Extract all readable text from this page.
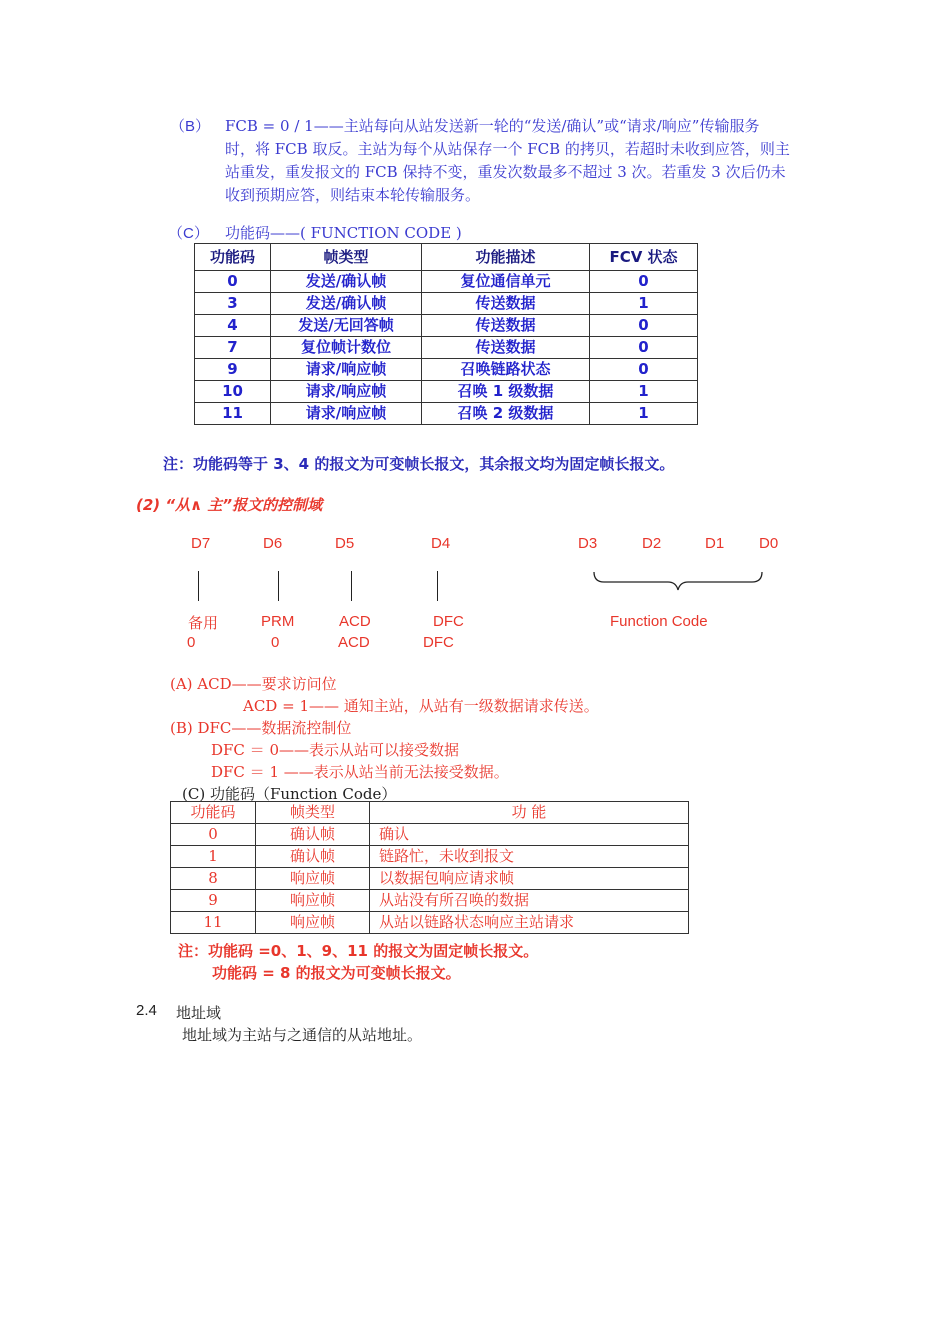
（B） FCB = 0 / 1——主站每向从站发送新一轮的“发送/确认”或“请求/响应”传输服务
时，将 FCB 取反。主站为每个从站保存一个 FCB 的拷贝，若超时未收到应答，则主
站重发，重发报文的 FCB 保持不变，重发次数最多不超过 3 次。若重发 3 次后仍未
收到预期应答，则结束本轮传输服务。
（C） 功能码——( FUNCTION CODE )
功能码	帧类型	功能描述	FCV 状态
0	发送/确认帧	复位通信单元	0
3	发送/确认帧	传送数据	1
4	发送/无回答帧	传送数据	0
7	复位帧计数位	传送数据	0
9	请求/响应帧	召唤链路状态	0
10	请求/响应帧	召唤 1 级数据	1
11	请求/响应帧	召唤 2 级数据	1
注：功能码等于 3、4 的报文为可变帧长报文，其余报文均为固定帧长报文。
(2) “从∧ 主”报文的控制域
D7	D6	D5	D4	D3	D2	D1 D0
备用	PRM	ACD	DFC	Function Code
0	0	ACD	DFC
(A) ACD——要求访问位
ACD = 1—— 通知主站，从站有一级数据请求传送。
(B) DFC——数据流控制位
DFC ＝ 0——表示从站可以接受数据
DFC ＝ 1 ——表示从站当前无法接受数据。
(C) 功能码（Function Code）
功能码	帧类型	功 能
0	确认帧	确认
1	确认帧	链路忙，未收到报文
8	响应帧	以数据包响应请求帧
9	响应帧	从站没有所召唤的数据
11	响应帧	从站以链路状态响应主站请求
注：功能码 =0、1、9、11 的报文为固定帧长报文。
功能码 = 8 的报文为可变帧长报文。
2.4 地址域
地址域为主站与之通信的从站地址。
